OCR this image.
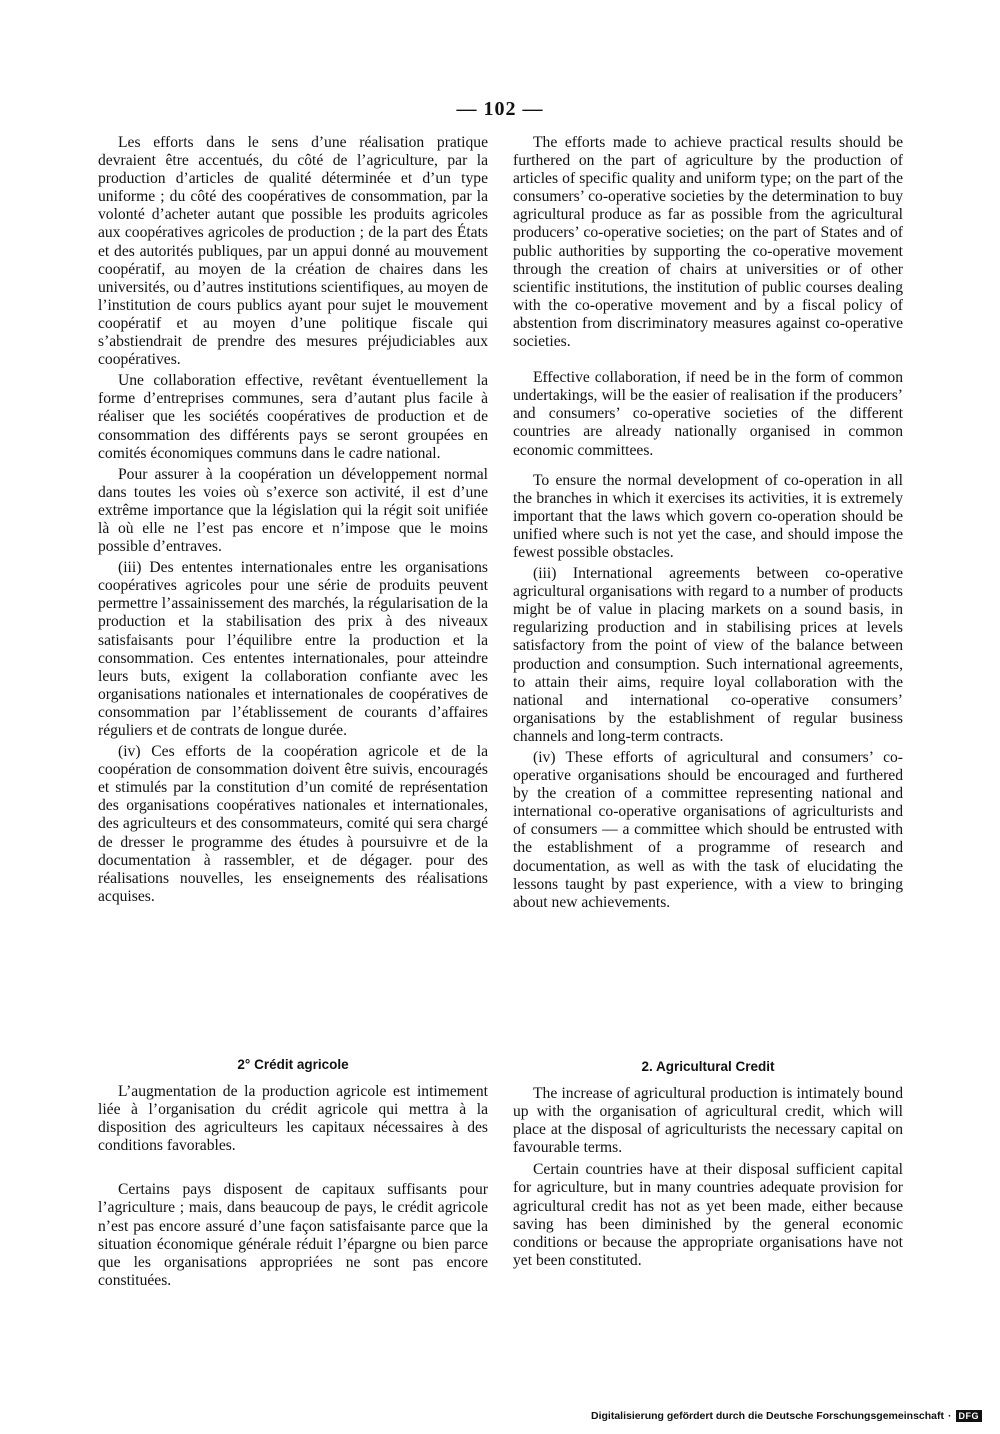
— 102 —

Les efforts dans le sens d’une réalisation pratique devraient être accentués, du côté de l’agriculture, par la production d’articles de qualité déterminée et d’un type uniforme ; du côté des coopératives de consommation, par la volonté d’acheter autant que possible les produits agricoles aux coopératives agricoles de production ; de la part des États et des autorités publiques, par un appui donné au mouvement coopératif, au moyen de la création de chaires dans les universités, ou d’autres institutions scientifiques, au moyen de l’institution de cours publics ayant pour sujet le mouvement coopératif et au moyen d’une politique fiscale qui s’abstiendrait de prendre des mesures préjudiciables aux coopératives.

Une collaboration effective, revêtant éventuellement la forme d’entreprises communes, sera d’autant plus facile à réaliser que les sociétés coopératives de production et de consommation des différents pays se seront groupées en comités économiques communs dans le cadre national.

Pour assurer à la coopération un développement normal dans toutes les voies où s’exerce son activité, il est d’une extrême importance que la législation qui la régit soit unifiée là où elle ne l’est pas encore et n’impose que le moins possible d’entraves.

(iii) Des ententes internationales entre les organisations coopératives agricoles pour une série de produits peuvent permettre l’assainissement des marchés, la régularisation de la production et la stabilisation des prix à des niveaux satisfaisants pour l’équilibre entre la production et la consommation. Ces ententes internationales, pour atteindre leurs buts, exigent la collaboration confiante avec les organisations nationales et internationales de coopératives de consommation par l’établissement de courants d’affaires réguliers et de contrats de longue durée.

(iv) Ces efforts de la coopération agricole et de la coopération de consommation doivent être suivis, encouragés et stimulés par la constitution d’un comité de représentation des organisations coopératives nationales et internationales, des agriculteurs et des consommateurs, comité qui sera chargé de dresser le programme des études à poursuivre et de la documentation à rassembler, et de dégager. pour des réalisations nouvelles, les enseignements des réalisations acquises.

The efforts made to achieve practical results should be furthered on the part of agriculture by the production of articles of specific quality and uniform type; on the part of the consumers’ co-operative societies by the determination to buy agricultural produce as far as possible from the agricultural producers’ co-operative societies; on the part of States and of public authorities by supporting the co-operative movement through the creation of chairs at universities or of other scientific institutions, the institution of public courses dealing with the co-operative movement and by a fiscal policy of abstention from discriminatory measures against co-operative societies.

Effective collaboration, if need be in the form of common undertakings, will be the easier of realisation if the producers’ and consumers’ co-operative societies of the different countries are already nationally organised in common economic committees.

To ensure the normal development of co-operation in all the branches in which it exercises its activities, it is extremely important that the laws which govern co-operation should be unified where such is not yet the case, and should impose the fewest possible obstacles.

(iii) International agreements between co-operative agricultural organisations with regard to a number of products might be of value in placing markets on a sound basis, in regularizing production and in stabilising prices at levels satisfactory from the point of view of the balance between production and consumption. Such international agreements, to attain their aims, require loyal collaboration with the national and international co-operative consumers’ organisations by the establishment of regular business channels and long-term contracts.

(iv) These efforts of agricultural and consumers’ co-operative organisations should be encouraged and furthered by the creation of a committee representing national and international co-operative organisations of agriculturists and of consumers — a committee which should be entrusted with the establishment of a programme of research and documentation, as well as with the task of elucidating the lessons taught by past experience, with a view to bringing about new achievements.

2° Crédit agricole	2. Agricultural Credit

L’augmentation de la production agricole est intimement liée à l’organisation du crédit agricole qui mettra à la disposition des agriculteurs les capitaux nécessaires à des conditions favorables.

Certains pays disposent de capitaux suffisants pour l’agriculture ; mais, dans beaucoup de pays, le crédit agricole n’est pas encore assuré d’une façon satisfaisante parce que la situation économique générale réduit l’épargne ou bien parce que les organisations appropriées ne sont pas encore constituées.

The increase of agricultural production is intimately bound up with the organisation of agricultural credit, which will place at the disposal of agriculturists the necessary capital on favourable terms.

Certain countries have at their disposal sufficient capital for agriculture, but in many countries adequate provision for agricultural credit has not as yet been made, either because saving has been diminished by the general economic conditions or because the appropriate organisations have not yet been constituted.

Digitalisierung gefördert durch die Deutsche Forschungsgemeinschaft · DFG
